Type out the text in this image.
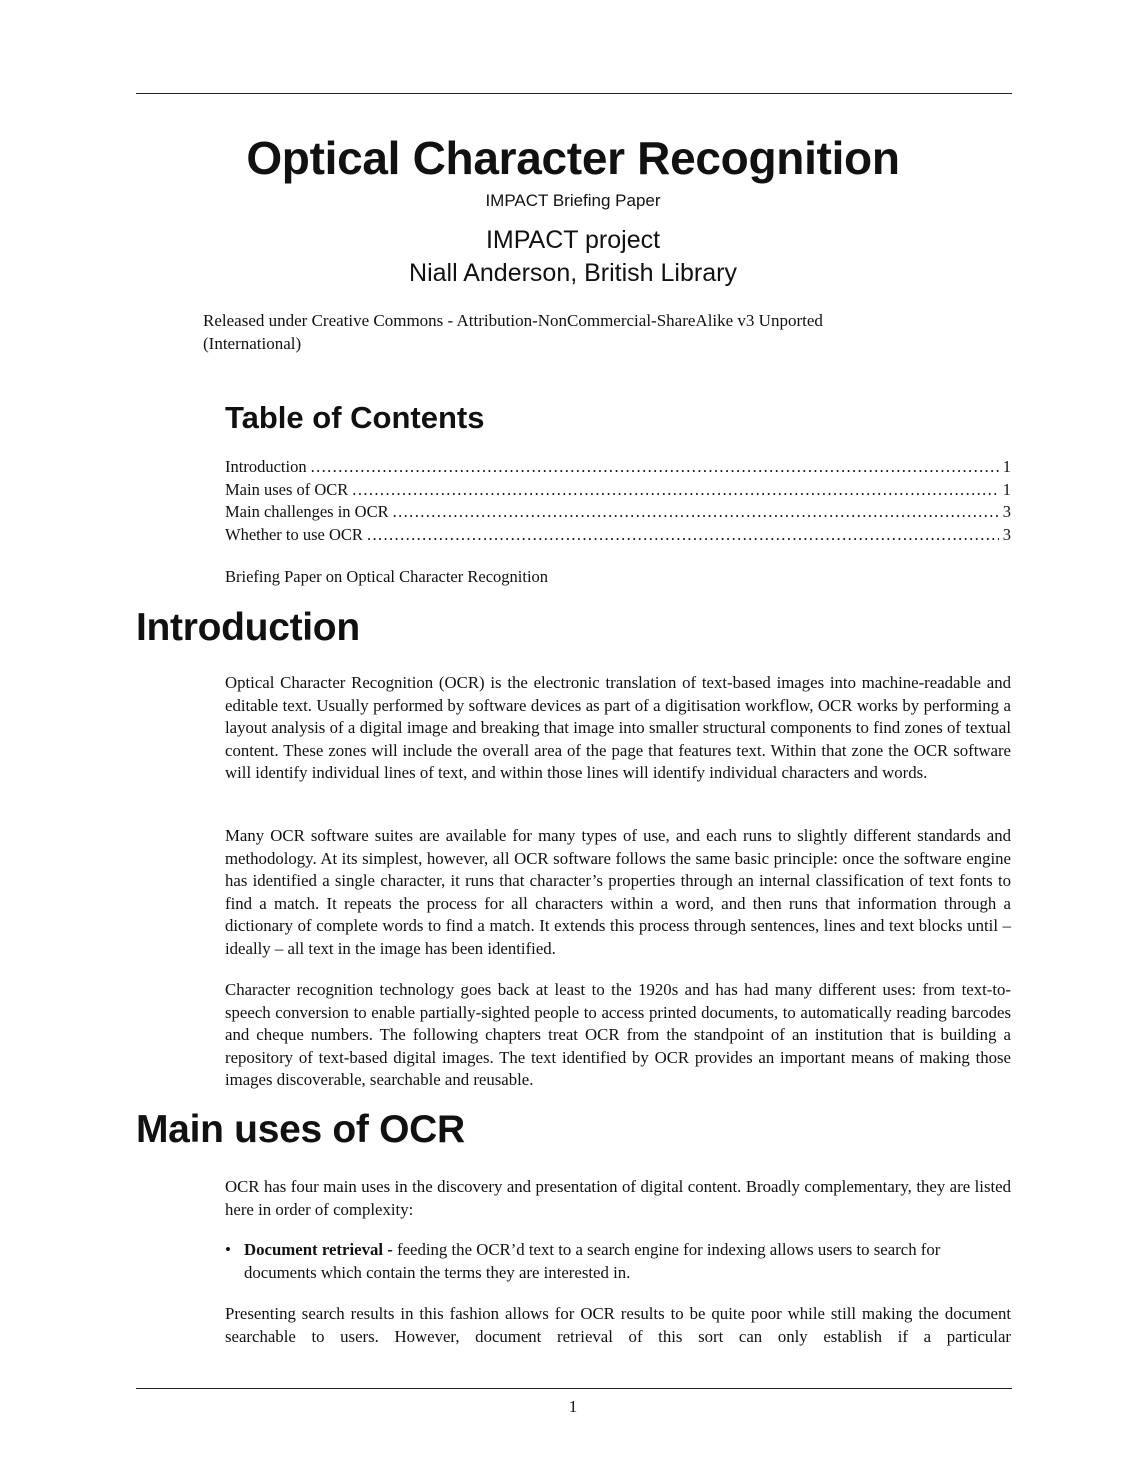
Optical Character Recognition
IMPACT Briefing Paper
IMPACT project
Niall Anderson, British Library
Released under Creative Commons - Attribution-NonCommercial-ShareAlike v3 Unported (International)
Table of Contents
Introduction .....	1
Main uses of OCR .....	1
Main challenges in OCR .....	3
Whether to use OCR .....	3
Briefing Paper on Optical Character Recognition
Introduction

Optical Character Recognition (OCR) is the electronic translation of text-based images into machine-readable and editable text. Usually performed by software devices as part of a digitisation workflow, OCR works by performing a layout analysis of a digital image and breaking that image into smaller structural components to find zones of textual content. These zones will include the overall area of the page that features text. Within that zone the OCR software will identify individual lines of text, and within those lines will identify individual characters and words.

Many OCR software suites are available for many types of use, and each runs to slightly different standards and methodology. At its simplest, however, all OCR software follows the same basic principle: once the software engine has identified a single character, it runs that character’s properties through an internal classification of text fonts to find a match. It repeats the process for all characters within a word, and then runs that information through a dictionary of complete words to find a match. It extends this process through sentences, lines and text blocks until – ideally – all text in the image has been identified.

Character recognition technology goes back at least to the 1920s and has had many different uses: from text-to-speech conversion to enable partially-sighted people to access printed documents, to automatically reading barcodes and cheque numbers. The following chapters treat OCR from the standpoint of an institution that is building a repository of text-based digital images. The text identified by OCR provides an important means of making those images discoverable, searchable and reusable.

Main uses of OCR

OCR has four main uses in the discovery and presentation of digital content. Broadly complementary, they are listed here in order of complexity:

• Document retrieval - feeding the OCR’d text to a search engine for indexing allows users to search for documents which contain the terms they are interested in.

Presenting search results in this fashion allows for OCR results to be quite poor while still making the document searchable to users. However, document retrieval of this sort can only establish if a particular

1
